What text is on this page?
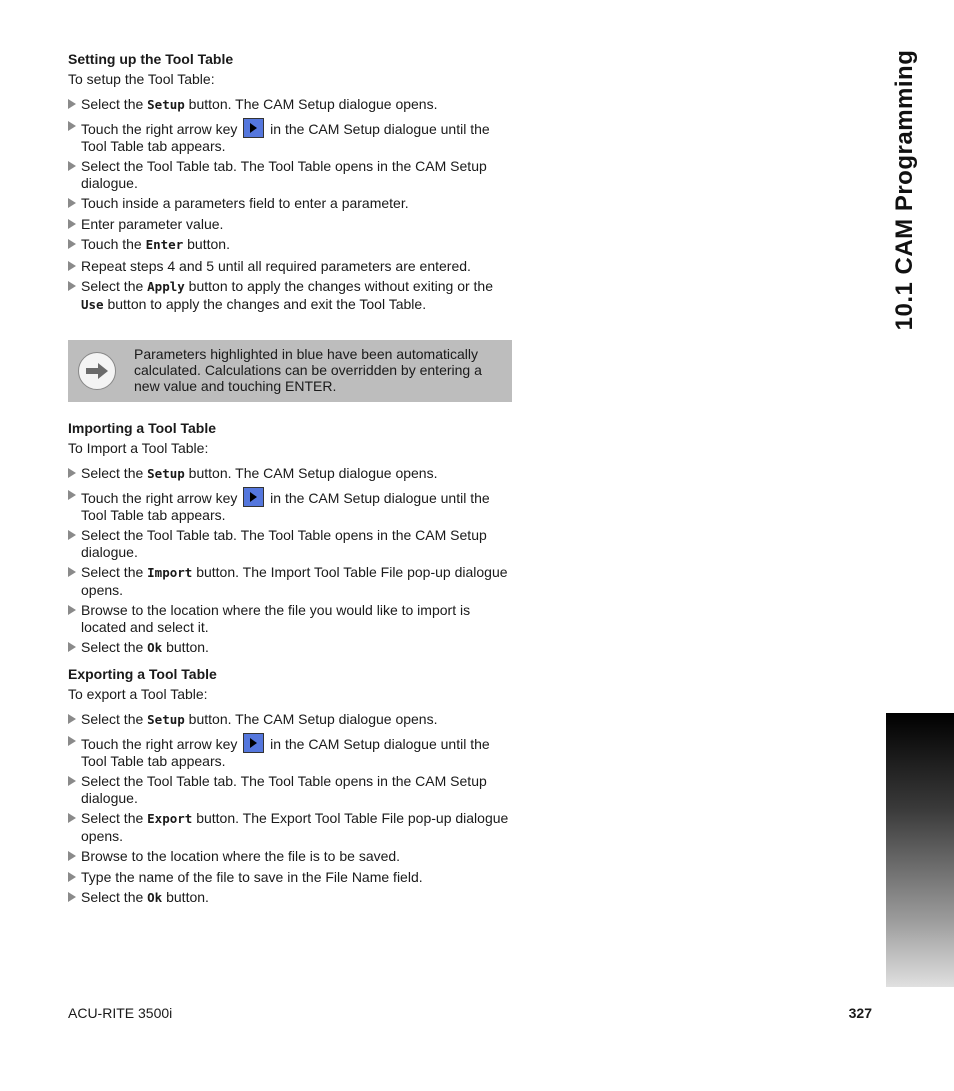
10.1 CAM Programming
Setting up the Tool Table
To setup the Tool Table:
Select the Setup button. The CAM Setup dialogue opens.
Touch the right arrow key  in the CAM Setup dialogue until the Tool Table tab appears.
Select the Tool Table tab. The Tool Table opens in the CAM Setup dialogue.
Touch inside a parameters field to enter a parameter.
Enter parameter value.
Touch the Enter button.
Repeat steps 4 and 5 until all required parameters are entered.
Select the Apply button to apply the changes without exiting or the Use button to apply the changes and exit the Tool Table.
Parameters highlighted in blue have been automatically calculated. Calculations can be overridden by entering a new value and touching ENTER.
Importing a Tool Table
To Import a Tool Table:
Select the Setup button. The CAM Setup dialogue opens.
Touch the right arrow key  in the CAM Setup dialogue until the Tool Table tab appears.
Select the Tool Table tab. The Tool Table opens in the CAM Setup dialogue.
Select the Import button. The Import Tool Table File pop-up dialogue opens.
Browse to the location where the file you would like to import is located and select it.
Select the Ok button.
Exporting a Tool Table
To export a Tool Table:
Select the Setup button. The CAM Setup dialogue opens.
Touch the right arrow key  in the CAM Setup dialogue until the Tool Table tab appears.
Select the Tool Table tab. The Tool Table opens in the CAM Setup dialogue.
Select the Export button. The Export Tool Table File pop-up dialogue opens.
Browse to the location where the file is to be saved.
Type the name of the file to save in the File Name field.
Select the Ok button.
ACU-RITE 3500i	327
